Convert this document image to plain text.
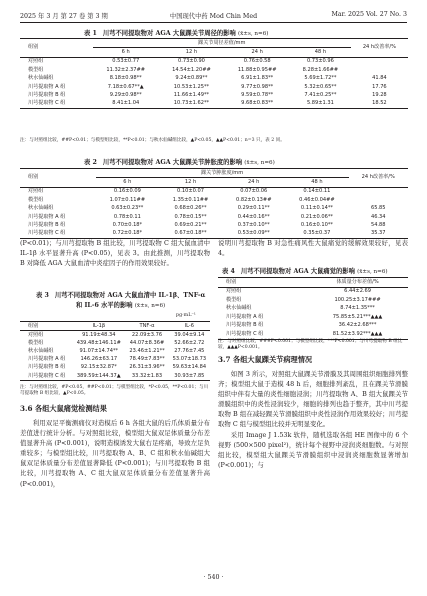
2025 年 3 月 第 27 卷 第 3 期	中国现代中药 Mod Chin Med	Mar. 2025 Vol. 27 No. 3
表 1 川芎不同提取物对 AGA 大鼠踝关节周径的影响 (x̄±s, n=6)
组别	踝关节周径差值/mm				24 h改善率/%
	6 h	12 h	24 h	48 h	
对照组	0.53±0.77	0.73±0.90	0.76±0.58	0.73±0.96	
模型组	11.32±2.37##	14.54±1.20##	11.88±0.95##	8.28±1.66##	
秋水仙碱组	8.18±0.98**	9.24±0.89**	6.91±1.83**	5.69±1.72**	41.84
川芎提取物 A 组	7.18±0.67**▲	10.53±1.25**	9.77±0.98**	5.32±0.65**	17.76
川芎提取物 B 组	9.29±0.98**	11.66±1.49**	9.59±0.78**	7.41±0.25**	19.28
川芎提取物 C 组	8.41±1.04	10.73±1.62**	9.68±0.83**	5.89±1.31	18.52
注：与对照组比较，##P<0.01；与模型组比较，**P<0.01；与秋水仙碱组比较，▲P<0.05，▲▲P<0.01；n=3 只，表 2 同。
表 2 川芎不同提取物对 AGA 大鼠踝关节肿胀度的影响 (x̄±s, n=6)
组别	踝关节肿胀度/mm				24 h改善率/%
	6 h	12 h	24 h	48 h	
对照组	0.16±0.09	0.10±0.07	0.07±0.06	0.14±0.11	
模型组	1.07±0.11##	1.35±0.11##	0.82±0.13##	0.46±0.04##	
秋水仙碱组	0.63±0.23**	0.68±0.26**	0.29±0.11**	0.11±0.14**	65.85
川芎提取物 A 组	0.78±0.11	0.78±0.15**	0.44±0.16**	0.21±0.06**	46.34
川芎提取物 B 组	0.70±0.18*	0.69±0.21**	0.37±0.10**	0.16±0.10**	54.88
川芎提取物 C 组	0.72±0.18*	0.67±0.18**	0.53±0.09**	0.35±0.37	35.37

(P<0.01)；与川芎提取物 B 组比较，川芎提取物 C 组大鼠血清中 IL-1β 水平显著升高 (P<0.05)，见表 3。由此推测，川芎提取物 B 对降低 AGA 大鼠血清中炎症因子的作用效果较好。

表 3 川芎不同提取物对 AGA 大鼠血清中 IL-1β、TNF-α
和 IL-6 水平的影响 (x̄±s, n=6)
pg·mL⁻¹
组别	IL-1β	TNF-α	IL-6
对照组	91.19±48.34	22.09±3.76	39.04±9.14
模型组	439.48±146.11#	44.07±8.36#	52.66±2.72
秋水仙碱组	91.07±14.74**	23.46±1.21**	27.76±7.45
川芎提取物 A 组	146.26±63.17	78.49±7.83**	53.07±18.73
川芎提取物 B 组	92.15±32.87*	26.31±3.96**	59.63±14.84
川芎提取物 C 组	389.59±144.37▲	33.32±1.83	30.93±7.85
注：与对照组比较，#P<0.05，##P<0.01；与模型组比较，*P<0.05，**P<0.01；与川芎提取物 B 组比较，▲P<0.05。
3.6 各组大鼠痛觉检测结果

利用双足平衡测痛仪对造模后 6 h 各组大鼠的后爪体质量分布差值进行统计分析。与对照组比较，模型组大鼠双足体质量分布差值显著升高 (P<0.001)，说明造模诱发大鼠右足疼痛，导致左足负重较多；与模型组比较，川芎提取物 A、B、C 组和秋水仙碱组大鼠双足体质量分布差值显著降低 (P<0.001)；与川芎提取物 B 组比较，川芎提取物 A、C 组大鼠双足体质量分布差值显著升高 (P<0.001)，

说明川芎提取物 B 对急性痛风性大鼠痛觉的缓解效果较好，见表 4。

表 4 川芎不同提取物对 AGA 大鼠痛觉的影响 (x̄±s, n=6)
组别	体质量分布差值/%
对照组	6.44±2.69
模型组	100.25±3.17###
秋水仙碱组	8.74±1.35***
川芎提取物 A 组	75.85±5.21***▲▲▲
川芎提取物 B 组	36.42±2.68***
川芎提取物 C 组	81.52±3.92***▲▲▲
注：与对照组比较，###P<0.001；与模型组比较，***P<0.001；与川芎提取物 B 组比较，▲▲▲P<0.001。
3.7 各组大鼠踝关节病理情况

如图 3 所示，对照组大鼠踝关节滑膜及其周围组织细胞排列整齐；模型组大鼠于造模 48 h 后，细胞排列紊乱，且在踝关节滑膜组织中伴有大量的炎性细胞浸润；川芎提取物 A、B 组大鼠踝关节滑膜组织中的炎性浸润较少，细胞的排列也趋于整齐，其中川芎提取物 B 组在减轻踝关节滑膜组织中炎性浸润作用效果较好；川芎提取物 C 组与模型组比较并无明显变化。

采用 Image J 1.53k 软件，随机选取各组 HE 图像中的 6 个视野 (500×500 pixel²)，统计每个视野中浸润炎细胞数。与对照组比较，模型组大鼠踝关节滑膜组织中浸润炎细胞数显著增加 (P<0.001)；与

· 540 ·
